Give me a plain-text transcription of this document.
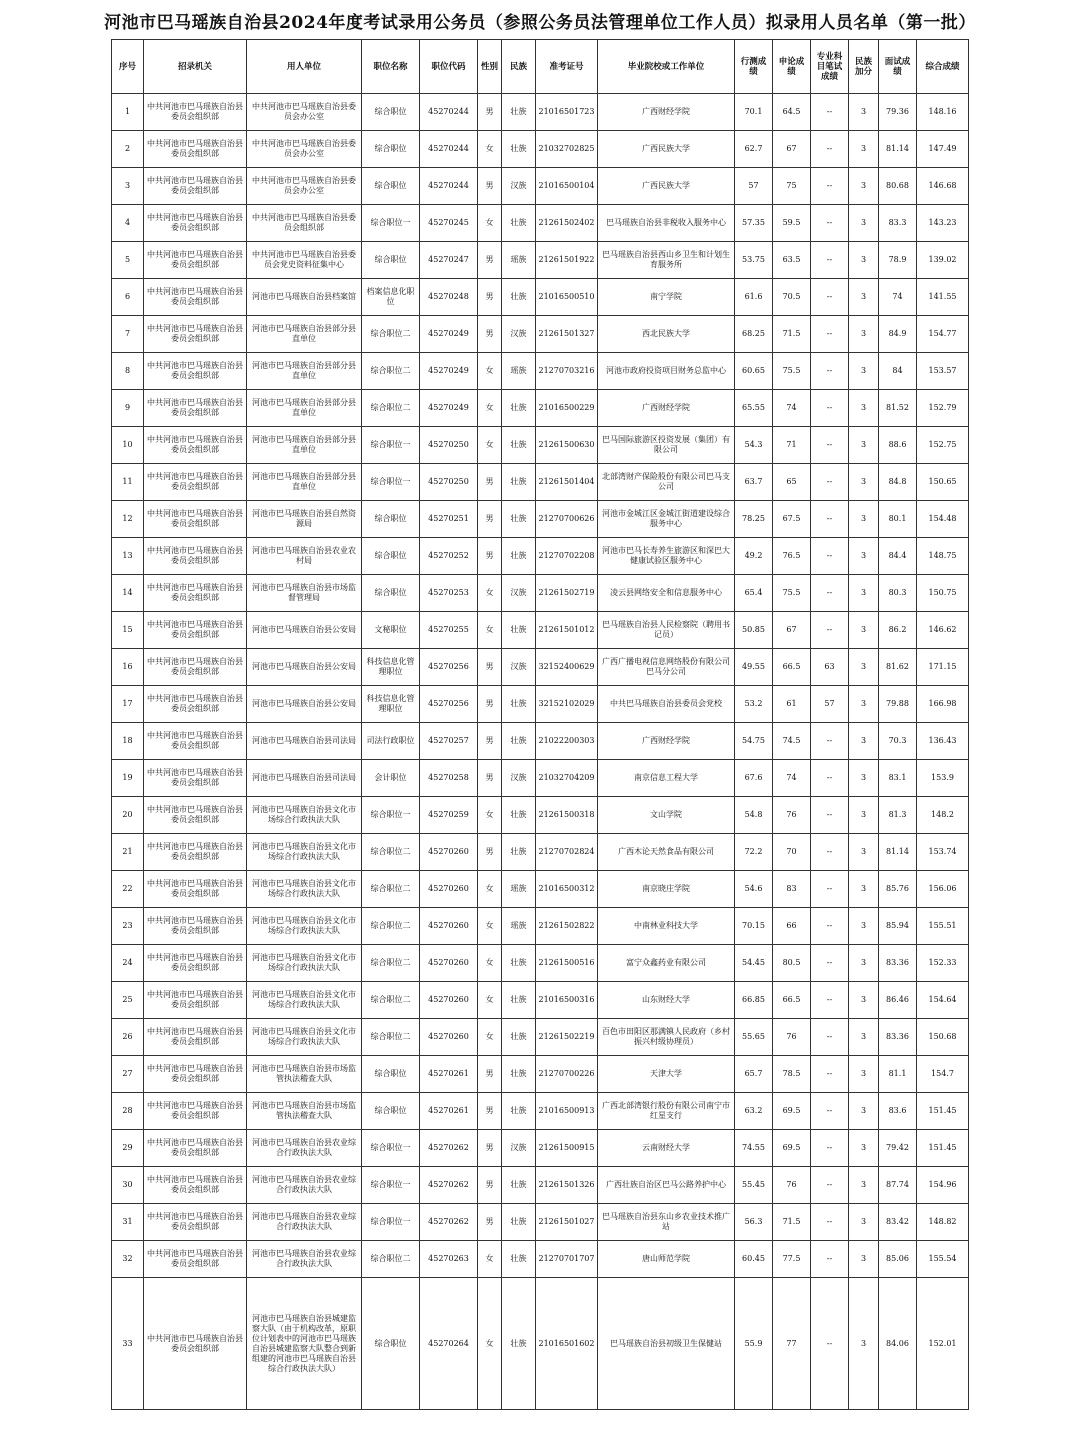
河池市巴马瑶族自治县2024年度考试录用公务员（参照公务员法管理单位工作人员）拟录用人员名单（第一批）
序号	招录机关	用人单位	职位名称	职位代码	性别	民族	准考证号	毕业院校或工作单位	行测成绩	申论成绩	专业科目笔试成绩	民族加分	面试成绩	综合成绩
1	中共河池市巴马瑶族自治县委员会组织部	中共河池市巴马瑶族自治县委员会办公室	综合职位	45270244	男	壮族	21016501723	广西财经学院	70.1	64.5	--	3	79.36	148.16
2	中共河池市巴马瑶族自治县委员会组织部	中共河池市巴马瑶族自治县委员会办公室	综合职位	45270244	女	壮族	21032702825	广西民族大学	62.7	67	--	3	81.14	147.49
3	中共河池市巴马瑶族自治县委员会组织部	中共河池市巴马瑶族自治县委员会办公室	综合职位	45270244	男	汉族	21016500104	广西民族大学	57	75	--	3	80.68	146.68
4	中共河池市巴马瑶族自治县委员会组织部	中共河池市巴马瑶族自治县委员会组织部	综合职位一	45270245	女	壮族	21261502402	巴马瑶族自治县非税收入服务中心	57.35	59.5	--	3	83.3	143.23
5	中共河池市巴马瑶族自治县委员会组织部	中共河池市巴马瑶族自治县委员会党史资料征集中心	综合职位	45270247	男	瑶族	21261501922	巴马瑶族自治县西山乡卫生和计划生育服务所	53.75	63.5	--	3	78.9	139.02
6	中共河池市巴马瑶族自治县委员会组织部	河池市巴马瑶族自治县档案馆	档案信息化职位	45270248	男	壮族	21016500510	南宁学院	61.6	70.5	--	3	74	141.55
7	中共河池市巴马瑶族自治县委员会组织部	河池市巴马瑶族自治县部分县直单位	综合职位二	45270249	男	汉族	21261501327	西北民族大学	68.25	71.5	--	3	84.9	154.77
8	中共河池市巴马瑶族自治县委员会组织部	河池市巴马瑶族自治县部分县直单位	综合职位二	45270249	女	瑶族	21270703216	河池市政府投资项目财务总监中心	60.65	75.5	--	3	84	153.57
9	中共河池市巴马瑶族自治县委员会组织部	河池市巴马瑶族自治县部分县直单位	综合职位二	45270249	女	壮族	21016500229	广西财经学院	65.55	74	--	3	81.52	152.79
10	中共河池市巴马瑶族自治县委员会组织部	河池市巴马瑶族自治县部分县直单位	综合职位一	45270250	女	壮族	21261500630	巴马国际旅游区投资发展（集团）有限公司	54.3	71	--	3	88.6	152.75
11	中共河池市巴马瑶族自治县委员会组织部	河池市巴马瑶族自治县部分县直单位	综合职位一	45270250	男	壮族	21261501404	北部湾财产保险股份有限公司巴马支公司	63.7	65	--	3	84.8	150.65
12	中共河池市巴马瑶族自治县委员会组织部	河池市巴马瑶族自治县自然资源局	综合职位	45270251	男	壮族	21270700626	河池市金城江区金城江街道建设综合服务中心	78.25	67.5	--	3	80.1	154.48
13	中共河池市巴马瑶族自治县委员会组织部	河池市巴马瑶族自治县农业农村局	综合职位	45270252	男	壮族	21270702208	河池市巴马长寿养生旅游区和深巴大健康试验区服务中心	49.2	76.5	--	3	84.4	148.75
14	中共河池市巴马瑶族自治县委员会组织部	河池市巴马瑶族自治县市场监督管理局	综合职位	45270253	女	汉族	21261502719	凌云县网络安全和信息服务中心	65.4	75.5	--	3	80.3	150.75
15	中共河池市巴马瑶族自治县委员会组织部	河池市巴马瑶族自治县公安局	文秘职位	45270255	女	壮族	21261501012	巴马瑶族自治县人民检察院（聘用书记员）	50.85	67	--	3	86.2	146.62
16	中共河池市巴马瑶族自治县委员会组织部	河池市巴马瑶族自治县公安局	科技信息化管理职位	45270256	男	汉族	32152400629	广西广播电视信息网络股份有限公司巴马分公司	49.55	66.5	63	3	81.62	171.15
17	中共河池市巴马瑶族自治县委员会组织部	河池市巴马瑶族自治县公安局	科技信息化管理职位	45270256	男	壮族	32152102029	中共巴马瑶族自治县委员会党校	53.2	61	57	3	79.88	166.98
18	中共河池市巴马瑶族自治县委员会组织部	河池市巴马瑶族自治县司法局	司法行政职位	45270257	男	壮族	21022200303	广西财经学院	54.75	74.5	--	3	70.3	136.43
19	中共河池市巴马瑶族自治县委员会组织部	河池市巴马瑶族自治县司法局	会计职位	45270258	男	汉族	21032704209	南京信息工程大学	67.6	74	--	3	83.1	153.9
20	中共河池市巴马瑶族自治县委员会组织部	河池市巴马瑶族自治县文化市场综合行政执法大队	综合职位一	45270259	女	壮族	21261500318	文山学院	54.8	76	--	3	81.3	148.2
21	中共河池市巴马瑶族自治县委员会组织部	河池市巴马瑶族自治县文化市场综合行政执法大队	综合职位二	45270260	男	壮族	21270702824	广西木论天然食品有限公司	72.2	70	--	3	81.14	153.74
22	中共河池市巴马瑶族自治县委员会组织部	河池市巴马瑶族自治县文化市场综合行政执法大队	综合职位二	45270260	女	瑶族	21016500312	南京晓庄学院	54.6	83	--	3	85.76	156.06
23	中共河池市巴马瑶族自治县委员会组织部	河池市巴马瑶族自治县文化市场综合行政执法大队	综合职位二	45270260	女	瑶族	21261502822	中南林业科技大学	70.15	66	--	3	85.94	155.51
24	中共河池市巴马瑶族自治县委员会组织部	河池市巴马瑶族自治县文化市场综合行政执法大队	综合职位二	45270260	女	壮族	21261500516	富宁众鑫药业有限公司	54.45	80.5	--	3	83.36	152.33
25	中共河池市巴马瑶族自治县委员会组织部	河池市巴马瑶族自治县文化市场综合行政执法大队	综合职位二	45270260	女	壮族	21016500316	山东财经大学	66.85	66.5	--	3	86.46	154.64
26	中共河池市巴马瑶族自治县委员会组织部	河池市巴马瑶族自治县文化市场综合行政执法大队	综合职位二	45270260	女	壮族	21261502219	百色市田阳区那满镇人民政府（乡村振兴村级协理员）	55.65	76	--	3	83.36	150.68
27	中共河池市巴马瑶族自治县委员会组织部	河池市巴马瑶族自治县市场监管执法稽查大队	综合职位	45270261	男	壮族	21270700226	天津大学	65.7	78.5	--	3	81.1	154.7
28	中共河池市巴马瑶族自治县委员会组织部	河池市巴马瑶族自治县市场监管执法稽查大队	综合职位	45270261	男	壮族	21016500913	广西北部湾银行股份有限公司南宁市红星支行	63.2	69.5	--	3	83.6	151.45
29	中共河池市巴马瑶族自治县委员会组织部	河池市巴马瑶族自治县农业综合行政执法大队	综合职位一	45270262	男	汉族	21261500915	云南财经大学	74.55	69.5	--	3	79.42	151.45
30	中共河池市巴马瑶族自治县委员会组织部	河池市巴马瑶族自治县农业综合行政执法大队	综合职位一	45270262	男	壮族	21261501326	广西壮族自治区巴马公路养护中心	55.45	76	--	3	87.74	154.96
31	中共河池市巴马瑶族自治县委员会组织部	河池市巴马瑶族自治县农业综合行政执法大队	综合职位一	45270262	男	壮族	21261501027	巴马瑶族自治县东山乡农业技术推广站	56.3	71.5	--	3	83.42	148.82
32	中共河池市巴马瑶族自治县委员会组织部	河池市巴马瑶族自治县农业综合行政执法大队	综合职位二	45270263	女	壮族	21270701707	唐山师范学院	60.45	77.5	--	3	85.06	155.54
33	中共河池市巴马瑶族自治县委员会组织部	河池市巴马瑶族自治县城建监察大队（由于机构改革，原职位计划表中的河池市巴马瑶族自治县城建监察大队整合到新组建的河池市巴马瑶族自治县综合行政执法大队）	综合职位	45270264	女	壮族	21016501602	巴马瑶族自治县初级卫生保健站	55.9	77	--	3	84.06	152.01
